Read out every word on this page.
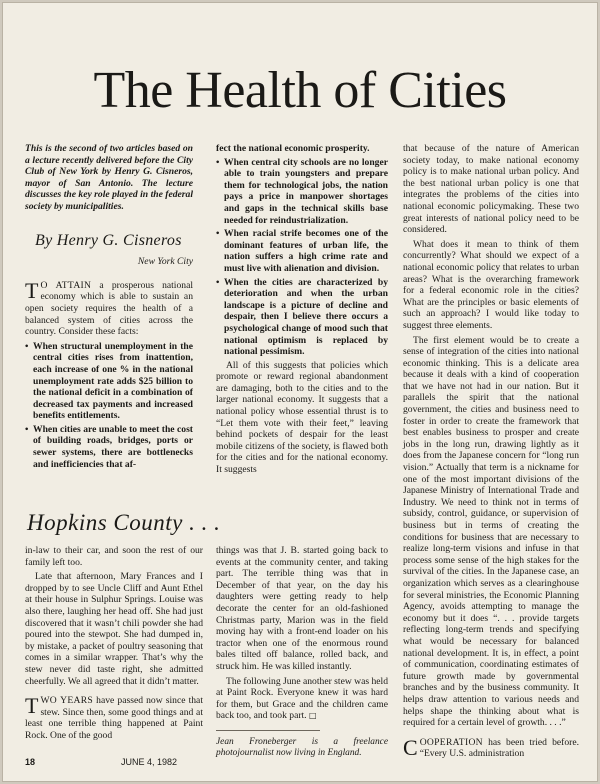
The Health of Cities
This is the second of two articles based on a lecture recently delivered before the City Club of New York by Henry G. Cisneros, mayor of San Antonio. The lecture discusses the key role played in the federal society by municipalities.
By Henry G. Cisneros
New York City

T O ATTAIN a prosperous national economy which is able to sustain an open society requires the health of a balanced system of cities across the country. Consider these facts:

• When structural unemployment in the central cities rises from inattention, each increase of one % in the national unemployment rate adds $25 billion to the national deficit in a combination of decreased tax payments and increased benefits entitlements.
• When cities are unable to meet the cost of building roads, bridges, ports or sewer systems, there are bottlenecks and inefficiencies that af-
fect the national economic prosperity.
• When central city schools are no longer able to train youngsters and prepare them for technological jobs, the nation pays a price in manpower shortages and gaps in the technical skills base needed for reindustrialization.
• When racial strife becomes one of the dominant features of urban life, the nation suffers a high crime rate and must live with alienation and division.
• When the cities are characterized by deterioration and when the urban landscape is a picture of decline and despair, then I believe there occurs a psychological change of mood such that national optimism is replaced by national pessimism.

All of this suggests that policies which promote or reward regional abandonment are damaging, both to the cities and to the larger national economy. It suggests that a national policy whose essential thrust is to “Let them vote with their feet,” leaving behind pockets of despair for the least mobile citizens of the society, is flawed both for the cities and for the national economy. It suggests

that because of the nature of American society today, to make national economy policy is to make national urban policy. And the best national urban policy is one that integrates the problems of the cities into national economic policymaking. These two great interests of national policy need to be considered.

What does it mean to think of them concurrently? What should we expect of a national economic policy that relates to urban areas? What is the overarching framework for a federal economic role in the cities? What are the principles or basic elements of such an approach? I would like today to suggest three elements.

The first element would be to create a sense of integration of the cities into national economic thinking. This is a delicate area because it deals with a kind of cooperation that we have not had in our nation. But it parallels the spirit that the national government, the cities and business need to foster in order to create the framework that best enables business to prosper and create jobs in the long run, drawing lightly as it does from the Japanese concern for “long run vision.” Actually that term is a nickname for one of the most important divisions of the Japanese Ministry of International Trade and Industry. We need to think not in terms of subsidy, control, guidance, or supervision of business but in terms of creating the conditions for business that are necessary to realize long-term visions and infuse in that process some sense of the high stakes for the survival of the cities. In the Japanese case, an organization which serves as a clearinghouse for several ministries, the Economic Planning Agency, avoids attempting to manage the economy but it does “. . . provide targets reflecting long-term trends and specifying what would be necessary for balanced national development. It is, in effect, a point of communication, coordinating estimates of future growth made by governmental branches and by the business community. It helps draw attention to various needs and helps shape the thinking about what is required for a certain level of growth. . . .”

COOPERATION has been tried before. “Every U.S. administration

Hopkins County . . .

in-law to their car, and soon the rest of our family left too.

Late that afternoon, Mary Frances and I dropped by to see Uncle Cliff and Aunt Ethel at their house in Sulphur Springs. Louise was also there, laughing her head off. She had just discovered that it wasn’t chili powder she had poured into the stewpot. She had dumped in, by mistake, a packet of poultry seasoning that comes in a similar wrapper. That’s why the stew never did taste right, she admitted cheerfully. We all agreed that it didn’t matter.

TWO YEARS have passed now since that stew. Since then, some good things and at least one terrible thing happened at Paint Rock. One of the good

things was that J. B. started going back to events at the community center, and taking part. The terrible thing was that in December of that year, on the day his daughters were getting ready to help decorate the center for an old-fashioned Christmas party, Marion was in the field moving hay with a front-end loader on his tractor when one of the enormous round bales tilted off balance, rolled back, and struck him. He was killed instantly.

The following June another stew was held at Paint Rock. Everyone knew it was hard for them, but Grace and the children came back too, and took part. □

Jean Froneberger is a freelance photojournalist now living in England.

18	JUNE 4, 1982
